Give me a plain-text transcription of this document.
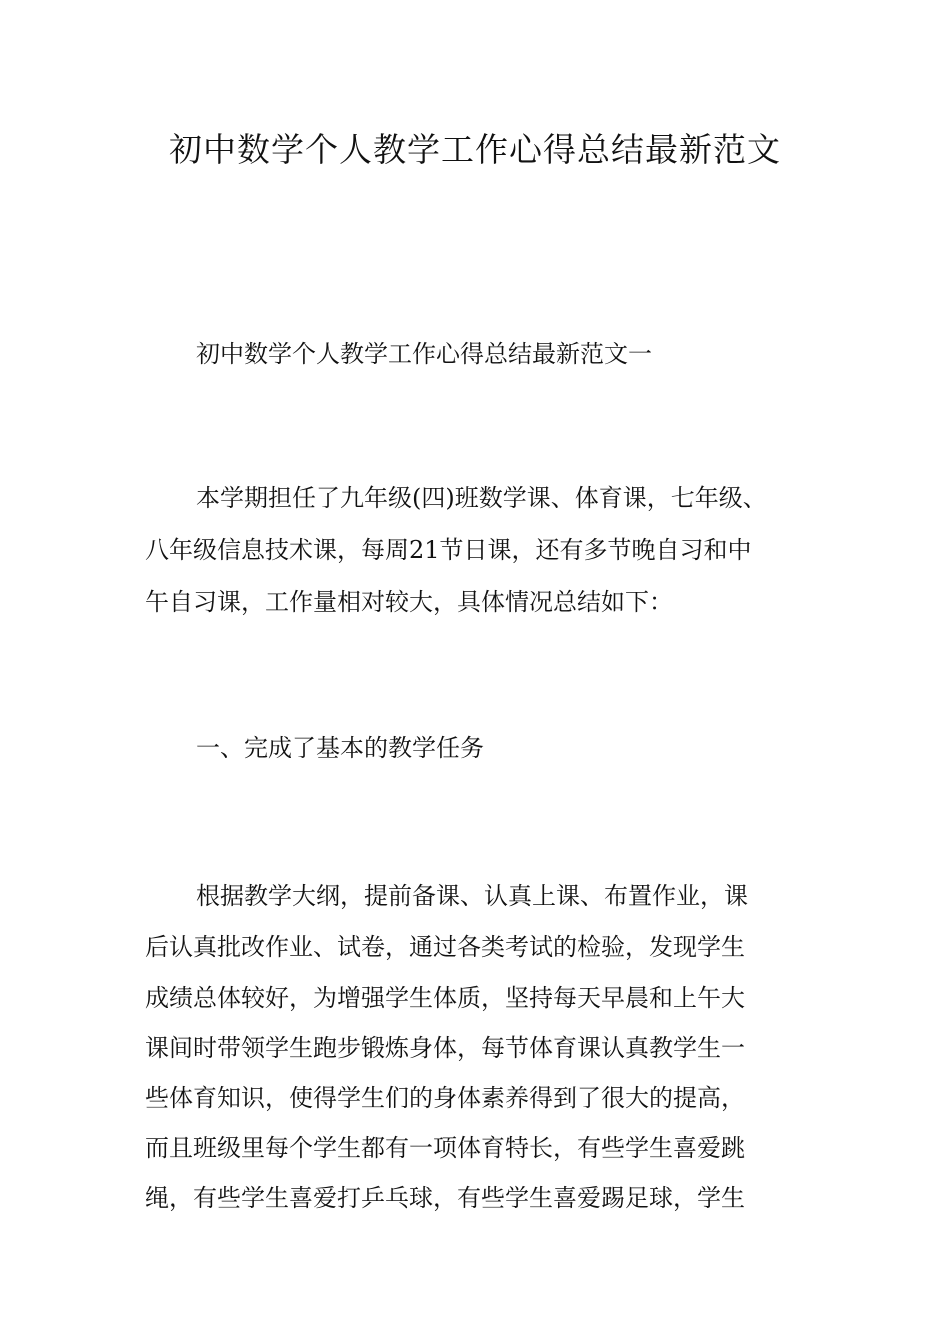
初中数学个人教学工作心得总结最新范文

初中数学个人教学工作心得总结最新范文一

本学期担任了九年级(四)班数学课、体育课，七年级、

八年级信息技术课，每周21节日课，还有多节晚自习和中

午自习课，工作量相对较大，具体情况总结如下：

一、完成了基本的教学任务

根据教学大纲，提前备课、认真上课、布置作业，课

后认真批改作业、试卷，通过各类考试的检验，发现学生

成绩总体较好，为增强学生体质，坚持每天早晨和上午大

课间时带领学生跑步锻炼身体，每节体育课认真教学生一

些体育知识，使得学生们的身体素养得到了很大的提高，

而且班级里每个学生都有一项体育特长，有些学生喜爱跳

绳，有些学生喜爱打乒乓球，有些学生喜爱踢足球，学生
